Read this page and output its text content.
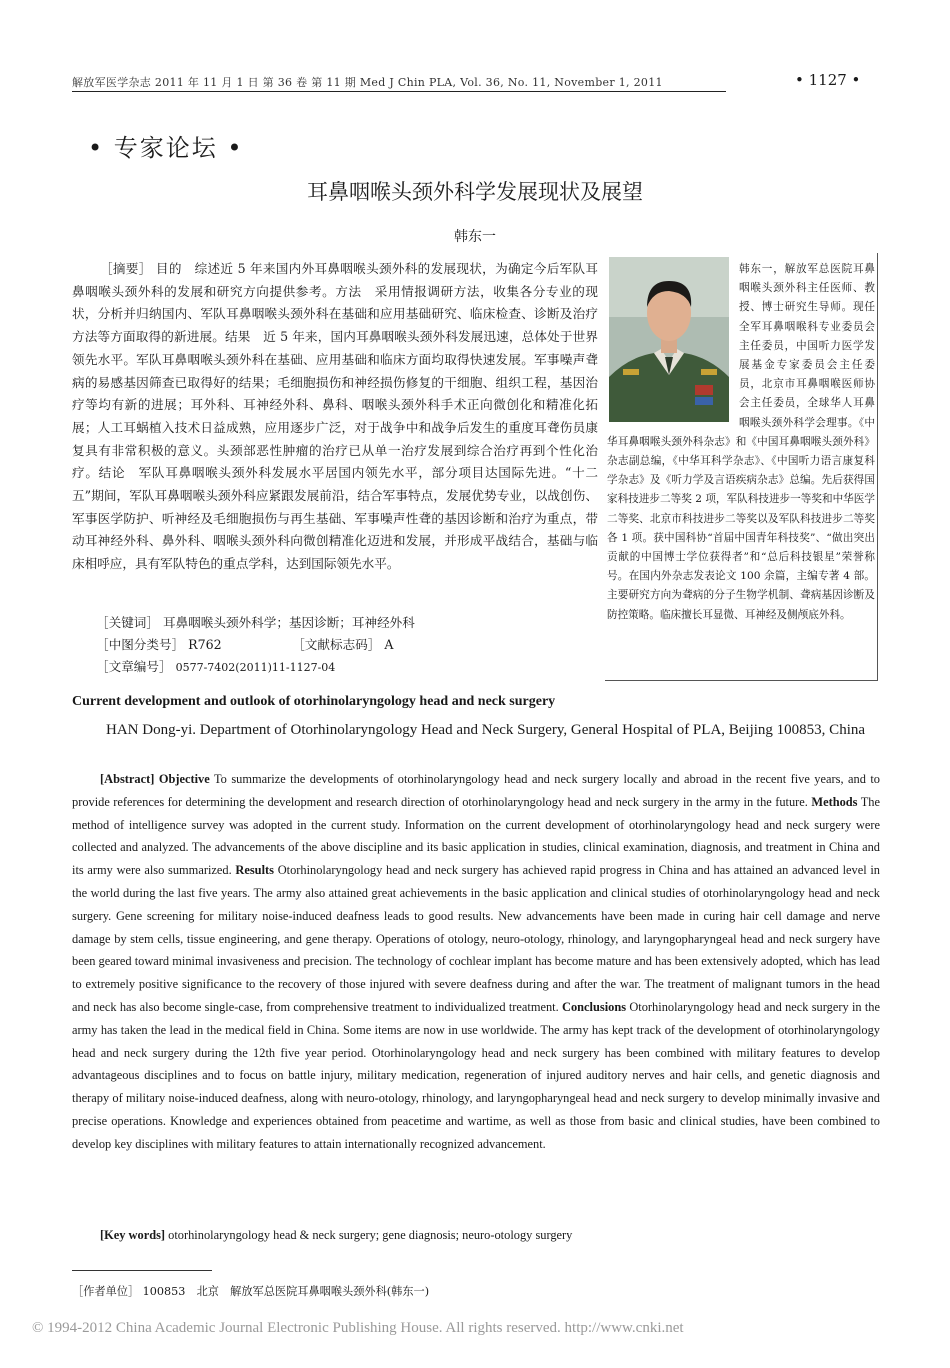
解放军医学杂志 2011 年 11 月 1 日 第 36 卷 第 11 期 Med J Chin PLA, Vol. 36, No. 11, November 1, 2011	• 1127 •
• 专家论坛 •
耳鼻咽喉头颈外科学发展现状及展望
韩东一
［摘要］ 目的　综述近 5 年来国内外耳鼻咽喉头颈外科的发展现状，为确定今后军队耳鼻咽喉头颈外科的发展和研究方向提供参考。方法　采用情报调研方法，收集各分专业的现状，分析并归纳国内、军队耳鼻咽喉头颈外科在基础和应用基础研究、临床检查、诊断及治疗方法等方面取得的新进展。结果　近 5 年来，国内耳鼻咽喉头颈外科发展迅速，总体处于世界领先水平。军队耳鼻咽喉头颈外科在基础、应用基础和临床方面均取得快速发展。军事噪声聋病的易感基因筛查已取得好的结果；毛细胞损伤和神经损伤修复的干细胞、组织工程，基因治疗等均有新的进展；耳外科、耳神经外科、鼻科、咽喉头颈外科手术正向微创化和精准化拓展；人工耳蜗植入技术日益成熟，应用逐步广泛，对于战争中和战争后发生的重度耳聋伤员康复具有非常积极的意义。头颈部恶性肿瘤的治疗已从单一治疗发展到综合治疗再到个性化治疗。结论　军队耳鼻咽喉头颈外科发展水平居国内领先水平，部分项目达国际先进。“十二五”期间，军队耳鼻咽喉头颈外科应紧跟发展前沿，结合军事特点，发展优势专业，以战创伤、军事医学防护、听神经及毛细胞损伤与再生基础、军事噪声性聋的基因诊断和治疗为重点，带动耳神经外科、鼻外科、咽喉头颈外科向微创精准化迈进和发展，并形成平战结合，基础与临床相呼应，具有军队特色的重点学科，达到国际领先水平。
韩东一，解放军总医院耳鼻咽喉头颈外科主任医师、教授、博士研究生导师。现任全军耳鼻咽喉科专业委员会主任委员，中国听力医学发展基金专家委员会主任委员，北京市耳鼻咽喉医师协会主任委员，全球华人耳鼻咽喉头颈外科学会理事。《中华耳鼻咽喉头颈外科杂志》和《中国耳鼻咽喉头颈外科》杂志副总编，《中华耳科学杂志》、《中国听力语言康复科学杂志》及《听力学及言语疾病杂志》总编。先后获得国家科技进步二等奖 2 项，军队科技进步一等奖和中华医学二等奖、北京市科技进步二等奖以及军队科技进步二等奖各 1 项。获中国科协“首届中国青年科技奖”、“做出突出贡献的中国博士学位获得者”和“总后科技银星”荣誉称号。在国内外杂志发表论文 100 余篇，主编专著 4 部。主要研究方向为聋病的分子生物学机制、聋病基因诊断及防控策略。临床擅长耳显微、耳神经及侧颅底外科。
［关键词］ 耳鼻咽喉头颈外科学；基因诊断；耳神经外科
［中图分类号］ R762	［文献标志码］ A
［文章编号］ 0577-7402(2011)11-1127-04
Current development and outlook of otorhinolaryngology head and neck surgery
HAN Dong-yi. Department of Otorhinolaryngology Head and Neck Surgery, General Hospital of PLA, Beijing 100853, China
[Abstract] Objective To summarize the developments of otorhinolaryngology head and neck surgery locally and abroad in the recent five years, and to provide references for determining the development and research direction of otorhinolaryngology head and neck surgery in the army in the future. Methods The method of intelligence survey was adopted in the current study. Information on the current development of otorhinolaryngology head and neck surgery were collected and analyzed. The advancements of the above discipline and its basic application in studies, clinical examination, diagnosis, and treatment in China and its army were also summarized. Results Otorhinolaryngology head and neck surgery has achieved rapid progress in China and has attained an advanced level in the world during the last five years. The army also attained great achievements in the basic application and clinical studies of otorhinolaryngology head and neck surgery. Gene screening for military noise-induced deafness leads to good results. New advancements have been made in curing hair cell damage and nerve damage by stem cells, tissue engineering, and gene therapy. Operations of otology, neuro-otology, rhinology, and laryngopharyngeal head and neck surgery have been geared toward minimal invasiveness and precision. The technology of cochlear implant has become mature and has been extensively adopted, which has lead to extremely positive significance to the recovery of those injured with severe deafness during and after the war. The treatment of malignant tumors in the head and neck has also become single-case, from comprehensive treatment to individualized treatment. Conclusions Otorhinolaryngology head and neck surgery in the army has taken the lead in the medical field in China. Some items are now in use worldwide. The army has kept track of the development of otorhinolaryngology head and neck surgery during the 12th five year period. Otorhinolaryngology head and neck surgery has been combined with military features to develop advantageous disciplines and to focus on battle injury, military medication, regeneration of injured auditory nerves and hair cells, and genetic diagnosis and therapy of military noise-induced deafness, along with neuro-otology, rhinology, and laryngopharyngeal head and neck surgery to develop minimally invasive and precise operations. Knowledge and experiences obtained from peacetime and wartime, as well as those from basic and clinical studies, have been combined to develop key disciplines with military features to attain internationally recognized advancement.
[Key words] otorhinolaryngology head & neck surgery; gene diagnosis; neuro-otology surgery
［作者单位］ 100853　北京　解放军总医院耳鼻咽喉头颈外科(韩东一)
© 1994-2012 China Academic Journal Electronic Publishing House. All rights reserved. http://www.cnki.net
